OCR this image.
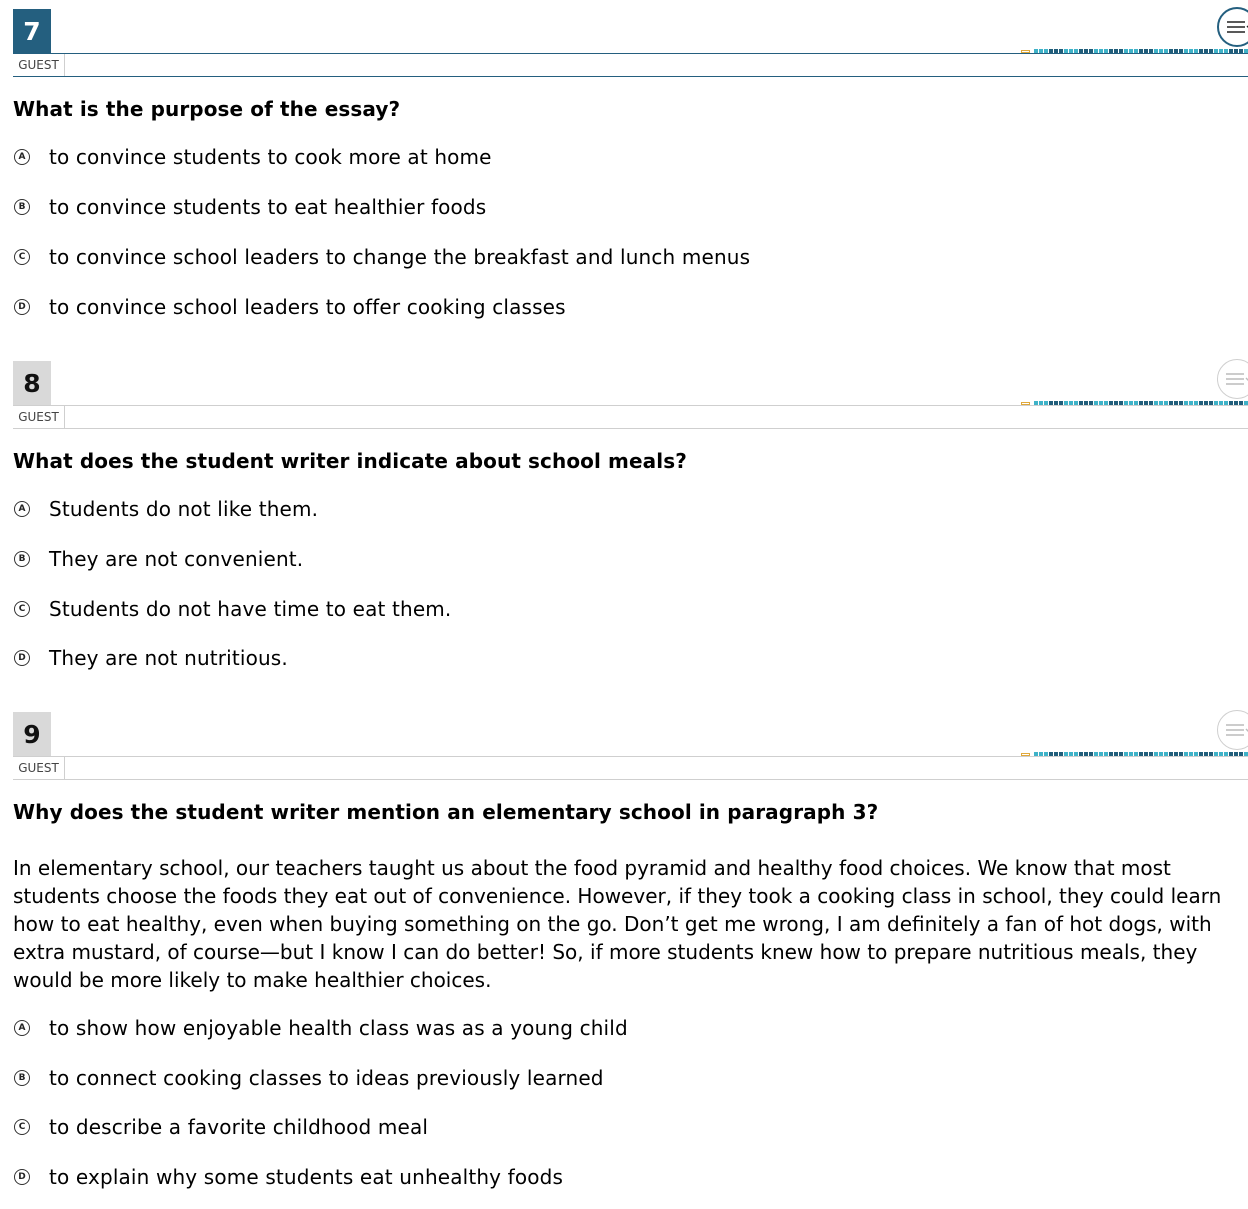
7
GUEST
What is the purpose of the essay?
A to convince students to cook more at home
B to convince students to eat healthier foods
C to convince school leaders to change the breakfast and lunch menus
D to convince school leaders to offer cooking classes
8
GUEST
What does the student writer indicate about school meals?
A Students do not like them.
B They are not convenient.
C Students do not have time to eat them.
D They are not nutritious.
9
GUEST
Why does the student writer mention an elementary school in paragraph 3?
In elementary school, our teachers taught us about the food pyramid and healthy food choices. We know that most students choose the foods they eat out of convenience. However, if they took a cooking class in school, they could learn how to eat healthy, even when buying something on the go. Don’t get me wrong, I am definitely a fan of hot dogs, with extra mustard, of course—but I know I can do better! So, if more students knew how to prepare nutritious meals, they would be more likely to make healthier choices.
A to show how enjoyable health class was as a young child
B to connect cooking classes to ideas previously learned
C to describe a favorite childhood meal
D to explain why some students eat unhealthy foods
